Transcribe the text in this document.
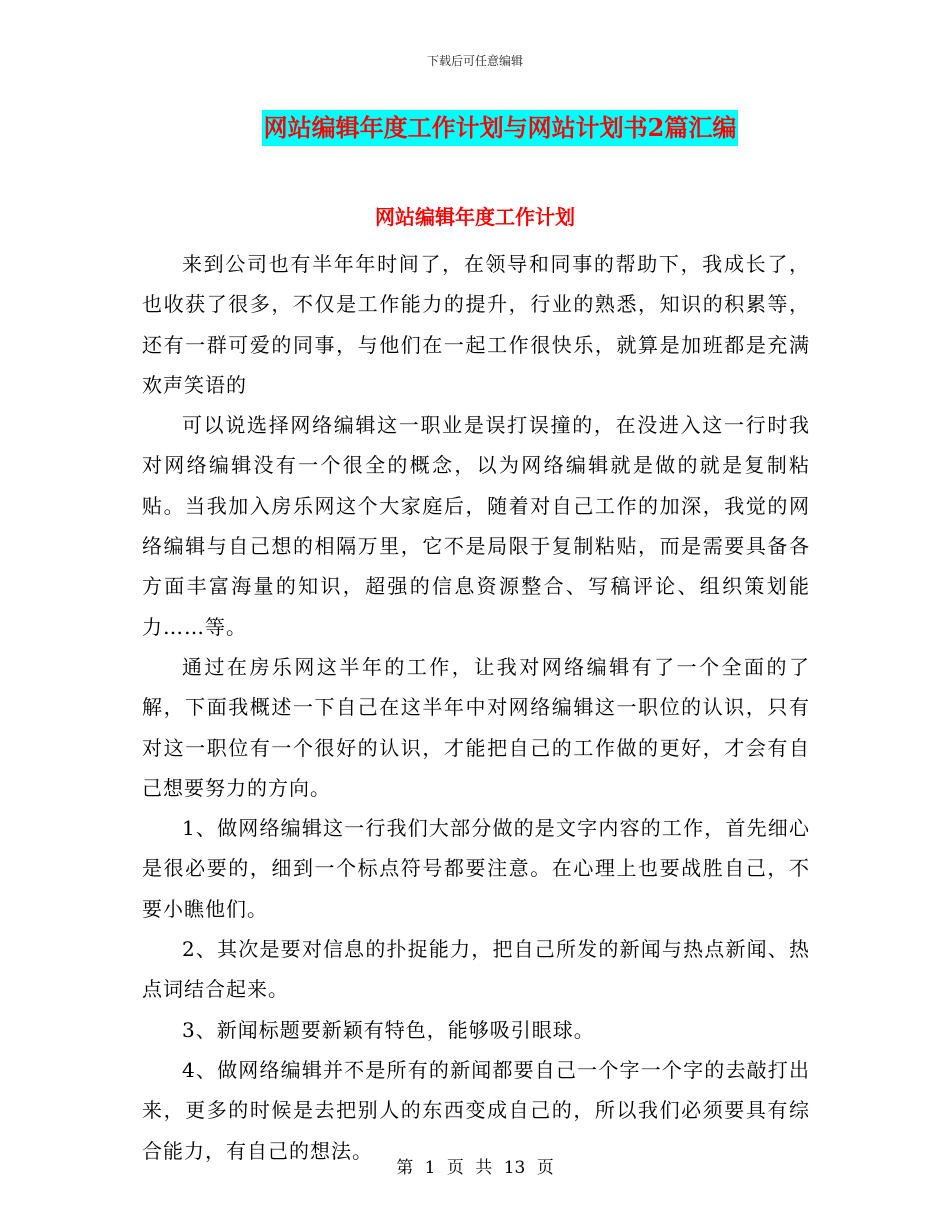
下载后可任意编辑
网站编辑年度工作计划与网站计划书2篇汇编
网站编辑年度工作计划

来到公司也有半年年时间了，在领导和同事的帮助下，我成长了，也收获了很多，不仅是工作能力的提升，行业的熟悉，知识的积累等，还有一群可爱的同事，与他们在一起工作很快乐，就算是加班都是充满欢声笑语的

可以说选择网络编辑这一职业是误打误撞的，在没进入这一行时我对网络编辑没有一个很全的概念，以为网络编辑就是做的就是复制粘贴。当我加入房乐网这个大家庭后，随着对自己工作的加深，我觉的网络编辑与自己想的相隔万里，它不是局限于复制粘贴，而是需要具备各方面丰富海量的知识，超强的信息资源整合、写稿评论、组织策划能力……等。

通过在房乐网这半年的工作，让我对网络编辑有了一个全面的了解，下面我概述一下自己在这半年中对网络编辑这一职位的认识，只有对这一职位有一个很好的认识，才能把自己的工作做的更好，才会有自己想要努力的方向。

1、做网络编辑这一行我们大部分做的是文字内容的工作，首先细心是很必要的，细到一个标点符号都要注意。在心理上也要战胜自己，不要小瞧他们。

2、其次是要对信息的扑捉能力，把自己所发的新闻与热点新闻、热点词结合起来。

3、新闻标题要新颖有特色，能够吸引眼球。

4、做网络编辑并不是所有的新闻都要自己一个字一个字的去敲打出来，更多的时候是去把别人的东西变成自己的，所以我们必须要具有综合能力，有自己的想法。

第 1 页 共 13 页
